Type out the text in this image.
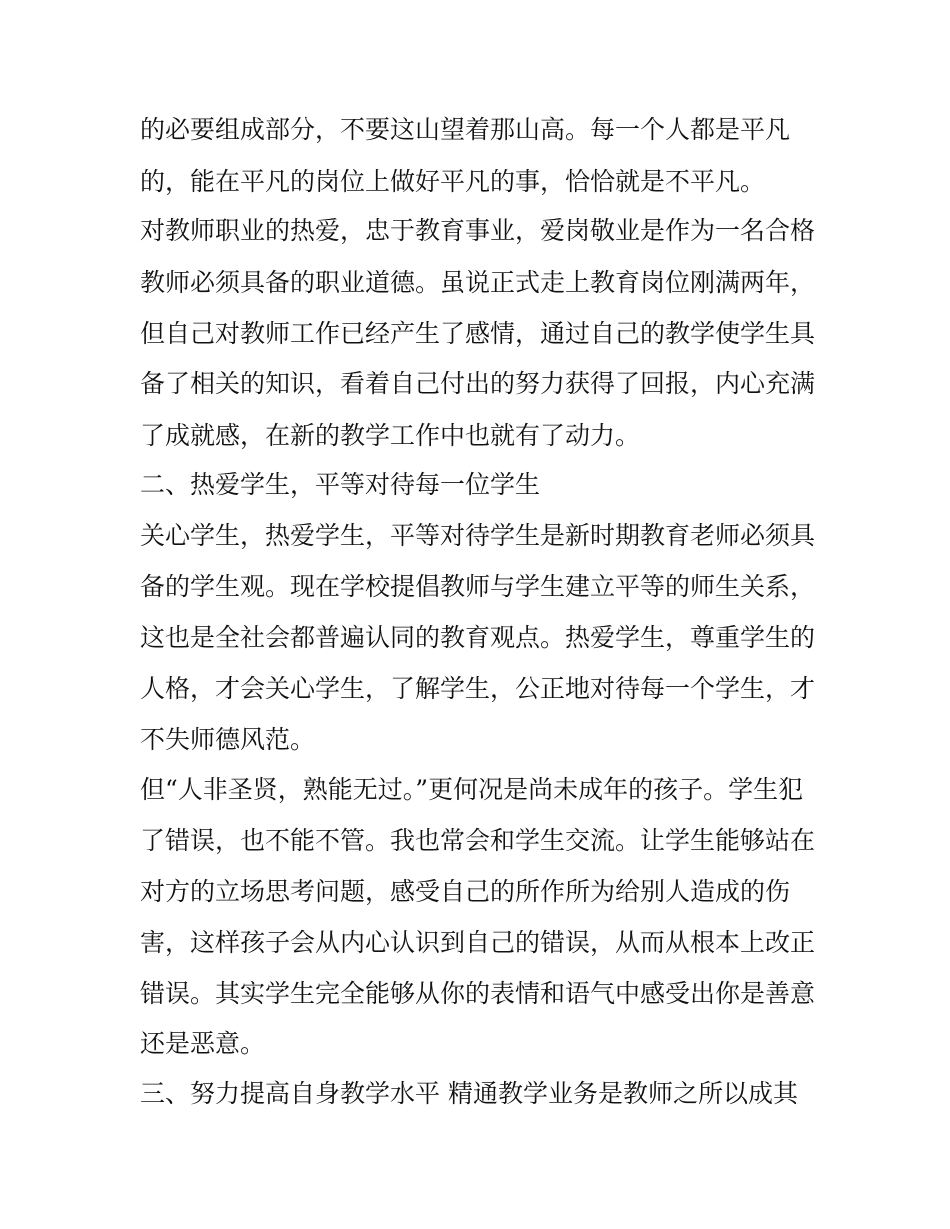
的必要组成部分，不要这山望着那山高。每一个人都是平凡
的，能在平凡的岗位上做好平凡的事，恰恰就是不平凡。
对教师职业的热爱，忠于教育事业，爱岗敬业是作为一名合格
教师必须具备的职业道德。虽说正式走上教育岗位刚满两年，
但自己对教师工作已经产生了感情，通过自己的教学使学生具
备了相关的知识，看着自己付出的努力获得了回报，内心充满
了成就感，在新的教学工作中也就有了动力。
二、热爱学生，平等对待每一位学生
关心学生，热爱学生，平等对待学生是新时期教育老师必须具
备的学生观。现在学校提倡教师与学生建立平等的师生关系，
这也是全社会都普遍认同的教育观点。热爱学生，尊重学生的
人格，才会关心学生，了解学生，公正地对待每一个学生，才
不失师德风范。
但“人非圣贤，熟能无过。”更何况是尚未成年的孩子。学生犯
了错误，也不能不管。我也常会和学生交流。让学生能够站在
对方的立场思考问题，感受自己的所作所为给别人造成的伤
害，这样孩子会从内心认识到自己的错误，从而从根本上改正
错误。其实学生完全能够从你的表情和语气中感受出你是善意
还是恶意。
三、努力提高自身教学水平 精通教学业务是教师之所以成其
